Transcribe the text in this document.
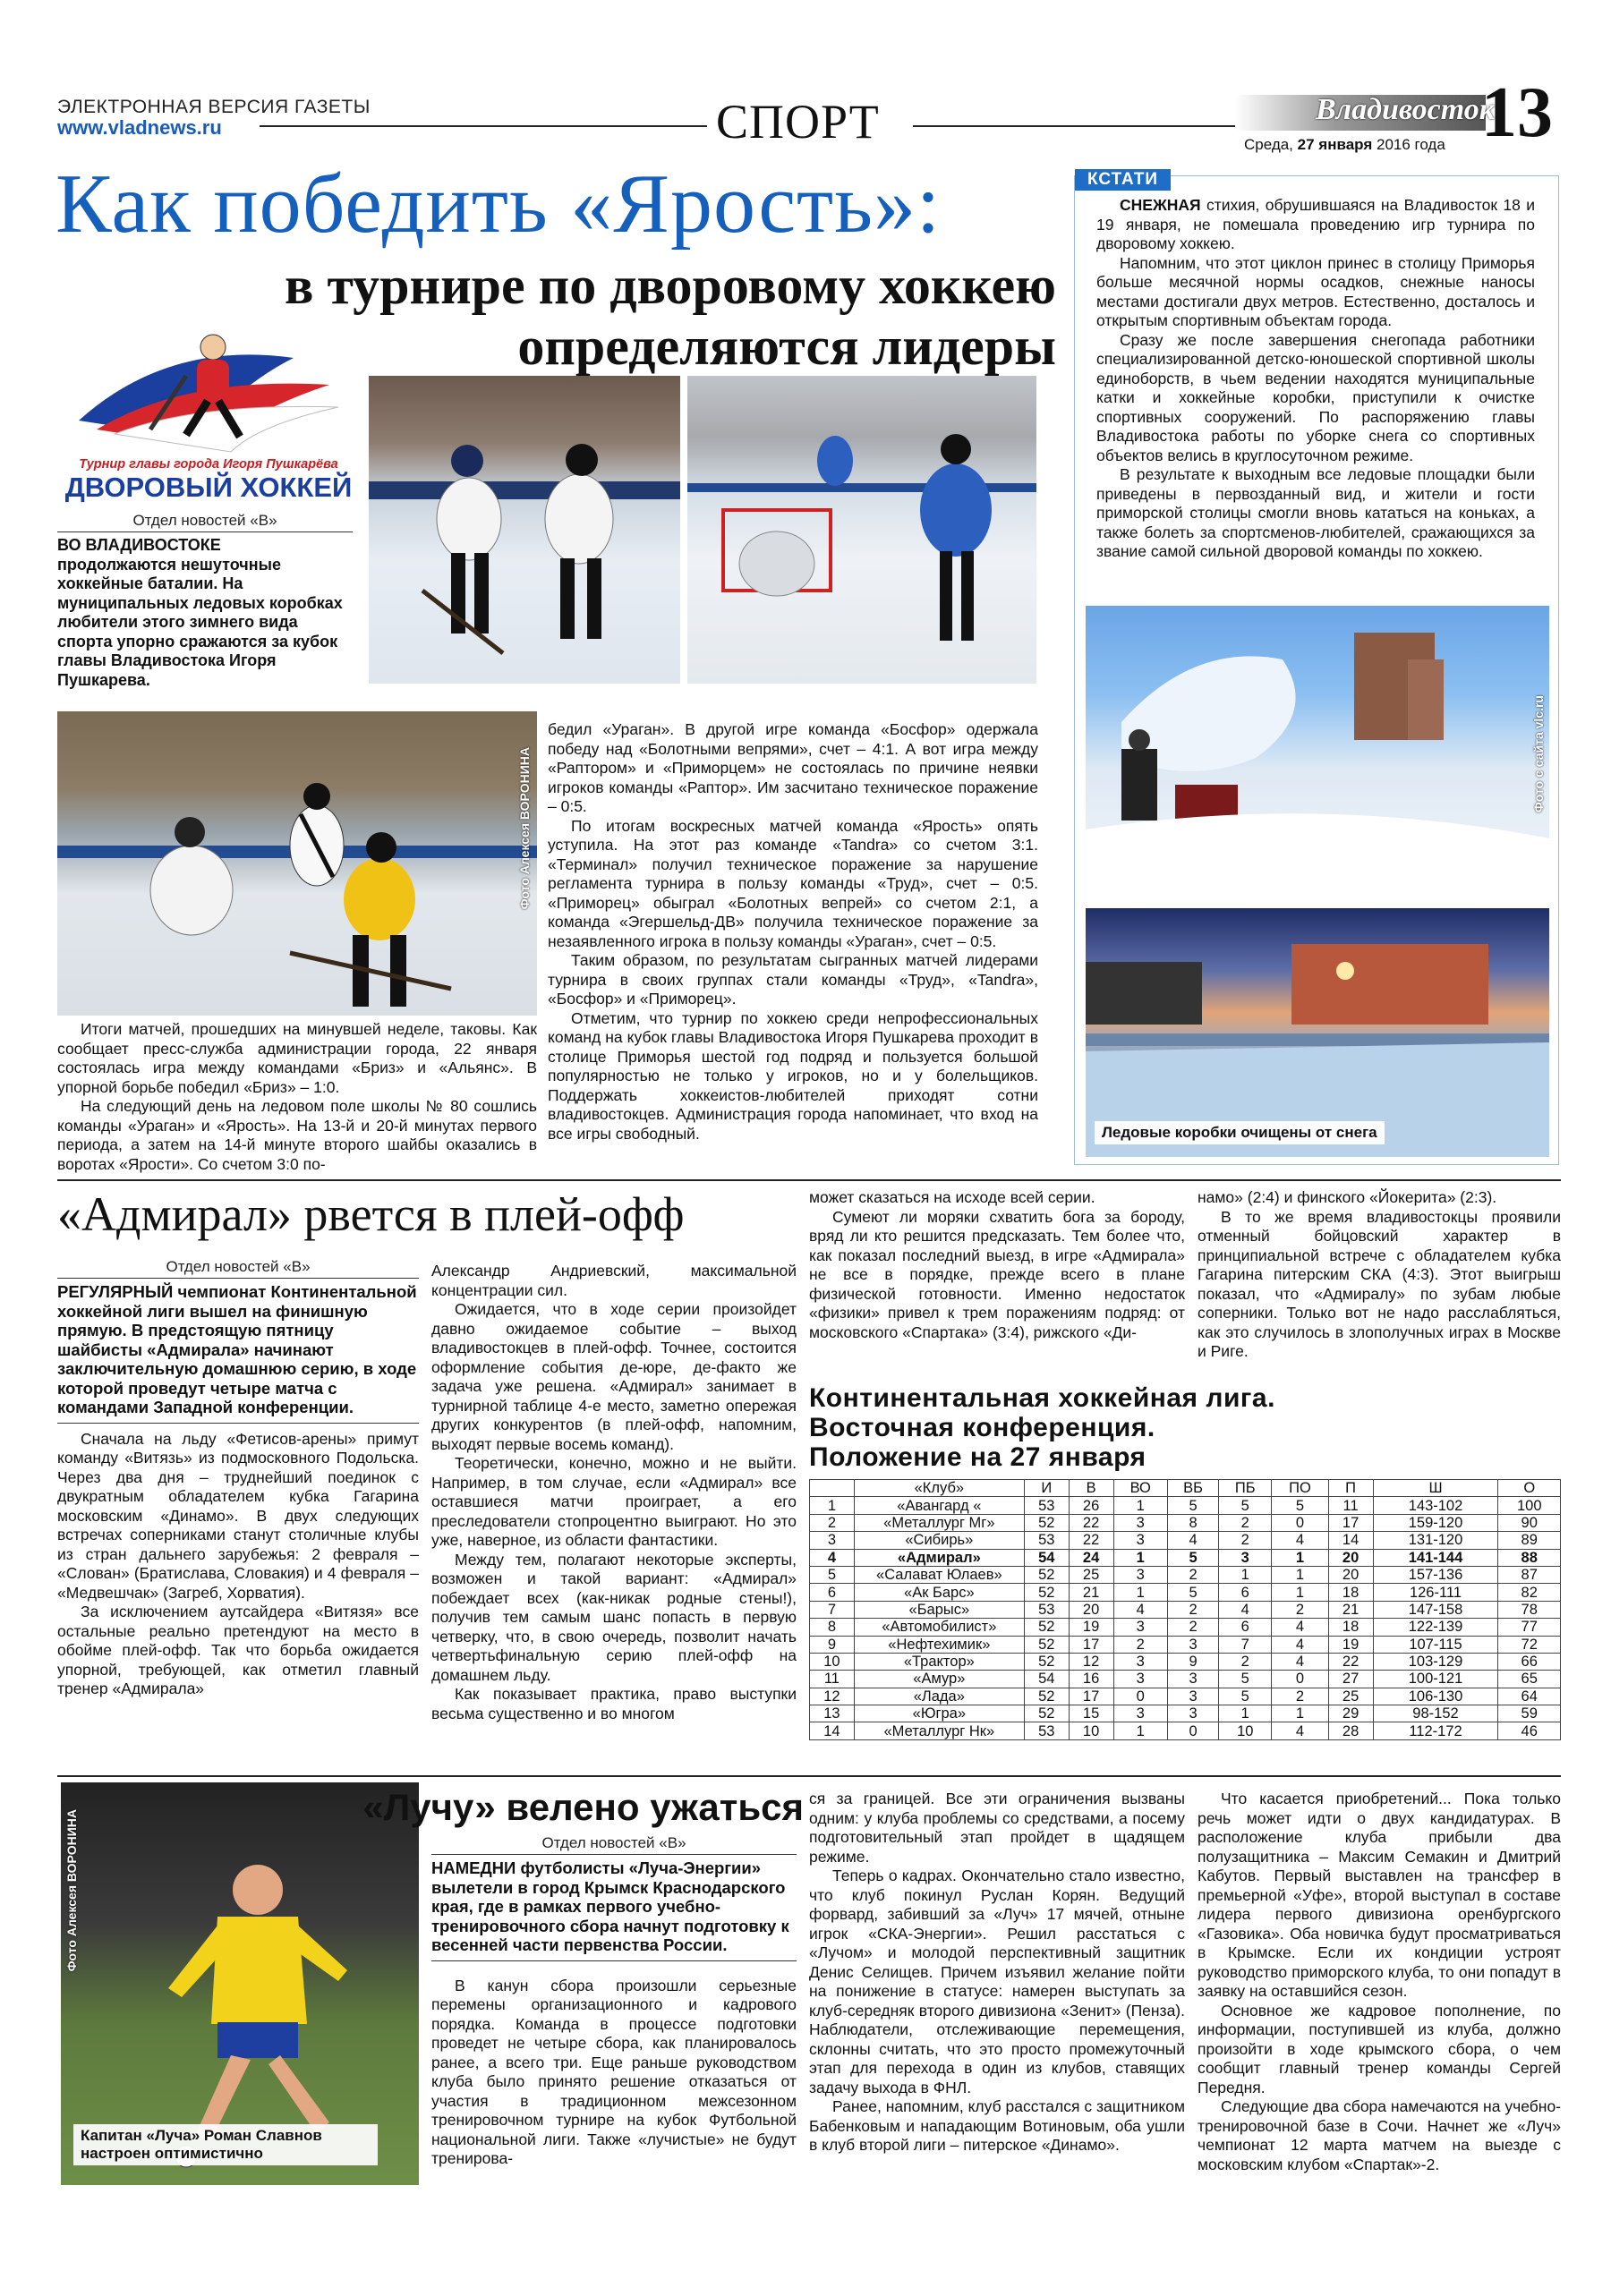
ЭЛЕКТРОННАЯ ВЕРСИЯ ГАЗЕТЫ
www.vladnews.ru	СПОРТ	Владивосток
13
Среда, 27 января 2016 года
Как победить «Ярость»:
в турнире по дворовому хоккею
определяются лидеры
Турнир главы города Игоря Пушкарёва
ДВОРОВЫЙ ХОККЕЙ
Отдел новостей «В»
ВО ВЛАДИВОСТОКЕ
продолжаются нешуточные хоккейные баталии. На муниципальных ледовых коробках любители этого зимнего вида спорта упорно сражаются за кубок главы Владивостока Игоря Пушкарева.
Фото Алексея ВОРОНИНА

Итоги матчей, прошедших на минувшей неделе, таковы. Как сообщает пресс-служба администрации города, 22 января состоялась игра между командами «Бриз» и «Альянс». В упорной борьбе победил «Бриз» – 1:0.

На следующий день на ледовом поле школы № 80 сошлись команды «Ураган» и «Ярость». На 13-й и 20-й минутах первого периода, а затем на 14-й минуте второго шайбы оказались в воротах «Ярости». Со счетом 3:0 по-

бедил «Ураган». В другой игре команда «Босфор» одержала победу над «Болотными вепрями», счет – 4:1. А вот игра между «Раптором» и «Приморцем» не состоялась по причине неявки игроков команды «Раптор». Им засчитано техническое поражение – 0:5.

По итогам воскресных матчей команда «Ярость» опять уступила. На этот раз команде «Tandra» со счетом 3:1. «Терминал» получил техническое поражение за нарушение регламента турнира в пользу команды «Труд», счет – 0:5. «Приморец» обыграл «Болотных вепрей» со счетом 2:1, а команда «Эгершельд-ДВ» получила техническое поражение за незаявленного игрока в пользу команды «Ураган», счет – 0:5.

Таким образом, по результатам сыгранных матчей лидерами турнира в своих группах стали команды «Труд», «Tandra», «Босфор» и «Приморец».

Отметим, что турнир по хоккею среди непрофессиональных команд на кубок главы Владивостока Игоря Пушкарева проходит в столице Приморья шестой год подряд и пользуется большой популярностью не только у игроков, но и у болельщиков. Поддержать хоккеистов-любителей приходят сотни владивостокцев. Администрация города напоминает, что вход на все игры свободный.

КСТАТИ

СНЕЖНАЯ стихия, обрушившаяся на Владивосток 18 и 19 января, не помешала проведению игр турнира по дворовому хоккею.

Напомним, что этот циклон принес в столицу Приморья больше месячной нормы осадков, снежные наносы местами достигали двух метров. Естественно, досталось и открытым спортивным объектам города.

Сразу же после завершения снегопада работники специализированной детско-юношеской спортивной школы единоборств, в чьем ведении находятся муниципальные катки и хоккейные коробки, приступили к очистке спортивных сооружений. По распоряжению главы Владивостока работы по уборке снега со спортивных объектов велись в круглосуточном режиме.

В результате к выходным все ледовые площадки были приведены в первозданный вид, и жители и гости приморской столицы смогли вновь кататься на коньках, а также болеть за спортсменов-любителей, сражающихся за звание самой сильной дворовой команды по хоккею.

Фото с сайта vlc.ru
Ледовые коробки очищены от снега
«Адмирал» рвется в плей-офф
Отдел новостей «В»
РЕГУЛЯРНЫЙ чемпионат Континентальной хоккейной лиги вышел на финишную прямую. В предстоящую пятницу шайбисты «Адмирала» начинают заключительную домашнюю серию, в ходе которой проведут четыре матча с командами Западной конференции.

Сначала на льду «Фетисов-арены» примут команду «Витязь» из подмосковного Подольска. Через два дня – труднейший поединок с двукратным обладателем кубка Гагарина московским «Динамо». В двух следующих встречах соперниками станут столичные клубы из стран дальнего зарубежья: 2 февраля – «Слован» (Братислава, Словакия) и 4 февраля – «Медвешчак» (Загреб, Хорватия).

За исключением аутсайдера «Витязя» все остальные реально претендуют на место в обойме плей-офф. Так что борьба ожидается упорной, требующей, как отметил главный тренер «Адмирала»

Александр Андриевский, максимальной концентрации сил.

Ожидается, что в ходе серии произойдет давно ожидаемое событие – выход владивостокцев в плей-офф. Точнее, состоится оформление события де-юре, де-факто же задача уже решена. «Адмирал» занимает в турнирной таблице 4-е место, заметно опережая других конкурентов (в плей-офф, напомним, выходят первые восемь команд).

Теоретически, конечно, можно и не выйти. Например, в том случае, если «Адмирал» все оставшиеся матчи проиграет, а его преследователи стопроцентно выиграют. Но это уже, наверное, из области фантастики.

Между тем, полагают некоторые эксперты, возможен и такой вариант: «Адмирал» побеждает всех (как-никак родные стены!), получив тем самым шанс попасть в первую четверку, что, в свою очередь, позволит начать четвертьфинальную серию плей-офф на домашнем льду.

Как показывает практика, право выступки весьма существенно и во многом

может сказаться на исходе всей серии.

Сумеют ли моряки схватить бога за бороду, вряд ли кто решится предсказать. Тем более что, как показал последний выезд, в игре «Адмирала» не все в порядке, прежде всего в плане физической готовности. Именно недостаток «физики» привел к трем поражениям подряд: от московского «Спартака» (3:4), рижского «Ди-

намо» (2:4) и финского «Йокерита» (2:3).

В то же время владивостокцы проявили отменный бойцовский характер в принципиальной встрече с обладателем кубка Гагарина питерским СКА (4:3). Этот выигрыш показал, что «Адмиралу» по зубам любые соперники. Только вот не надо расслабляться, как это случилось в злополучных играх в Москве и Риге.

Континентальная хоккейная лига.
Восточная конференция.
Положение на 27 января
	«Клуб»	И	В	ВО	ВБ	ПБ	ПО	П	Ш	О
1	«Авангард «	53	26	1	5	5	5	11	143-102	100
2	«Металлург Мг»	52	22	3	8	2	0	17	159-120	90
3	«Сибирь»	53	22	3	4	2	4	14	131-120	89
4	«Адмирал»	54	24	1	5	3	1	20	141-144	88
5	«Салават Юлаев»	52	25	3	2	1	1	20	157-136	87
6	«Ак Барс»	52	21	1	5	6	1	18	126-111	82
7	«Барыс»	53	20	4	2	4	2	21	147-158	78
8	«Автомобилист»	52	19	3	2	6	4	18	122-139	77
9	«Нефтехимик»	52	17	2	3	7	4	19	107-115	72
10	«Трактор»	52	12	3	9	2	4	22	103-129	66
11	«Амур»	54	16	3	3	5	0	27	100-121	65
12	«Лада»	52	17	0	3	5	2	25	106-130	64
13	«Югра»	52	15	3	3	1	1	29	98-152	59
14	«Металлург Нк»	53	10	1	0	10	4	28	112-172	46
Фото Алексея ВОРОНИНА
Капитан «Луча» Роман Славнов настроен оптимистично
«Лучу» велено ужаться
Отдел новостей «В»
НАМЕДНИ футболисты «Луча-Энергии» вылетели в город Крымск Краснодарского края, где в рамках первого учебно-тренировочного сбора начнут подготовку к весенней части первенства России.

В канун сбора произошли серьезные перемены организационного и кадрового порядка. Команда в процессе подготовки проведет не четыре сбора, как планировалось ранее, а всего три. Еще раньше руководством клуба было принято решение отказаться от участия в традиционном межсезонном тренировочном турнире на кубок Футбольной национальной лиги. Также «лучистые» не будут тренирова-

ся за границей. Все эти ограничения вызваны одним: у клуба проблемы со средствами, а посему подготовительный этап пройдет в щадящем режиме.

Теперь о кадрах. Окончательно стало известно, что клуб покинул Руслан Корян. Ведущий форвард, забивший за «Луч» 17 мячей, отныне игрок «СКА-Энергии». Решил расстаться с «Лучом» и молодой перспективный защитник Денис Селищев. Причем изъявил желание пойти на понижение в статусе: намерен выступать за клуб-середняк второго дивизиона «Зенит» (Пенза). Наблюдатели, отслеживающие перемещения, склонны считать, что это просто промежуточный этап для перехода в один из клубов, ставящих задачу выхода в ФНЛ.

Ранее, напомним, клуб расстался с защитником Бабенковым и нападающим Вотиновым, оба ушли в клуб второй лиги – питерское «Динамо».

Что касается приобретений... Пока только речь может идти о двух кандидатурах. В расположение клуба прибыли два полузащитника – Максим Семакин и Дмитрий Кабутов. Первый выставлен на трансфер в премьерной «Уфе», второй выступал в составе лидера первого дивизиона оренбургского «Газовика». Оба новичка будут просматриваться в Крымске. Если их кондиции устроят руководство приморского клуба, то они попадут в заявку на оставшийся сезон.

Основное же кадровое пополнение, по информации, поступившей из клуба, должно произойти в ходе крымского сбора, о чем сообщит главный тренер команды Сергей Передня.

Следующие два сбора намечаются на учебно-тренировочной базе в Сочи. Начнет же «Луч» чемпионат 12 марта матчем на выезде с московским клубом «Спартак»-2.
